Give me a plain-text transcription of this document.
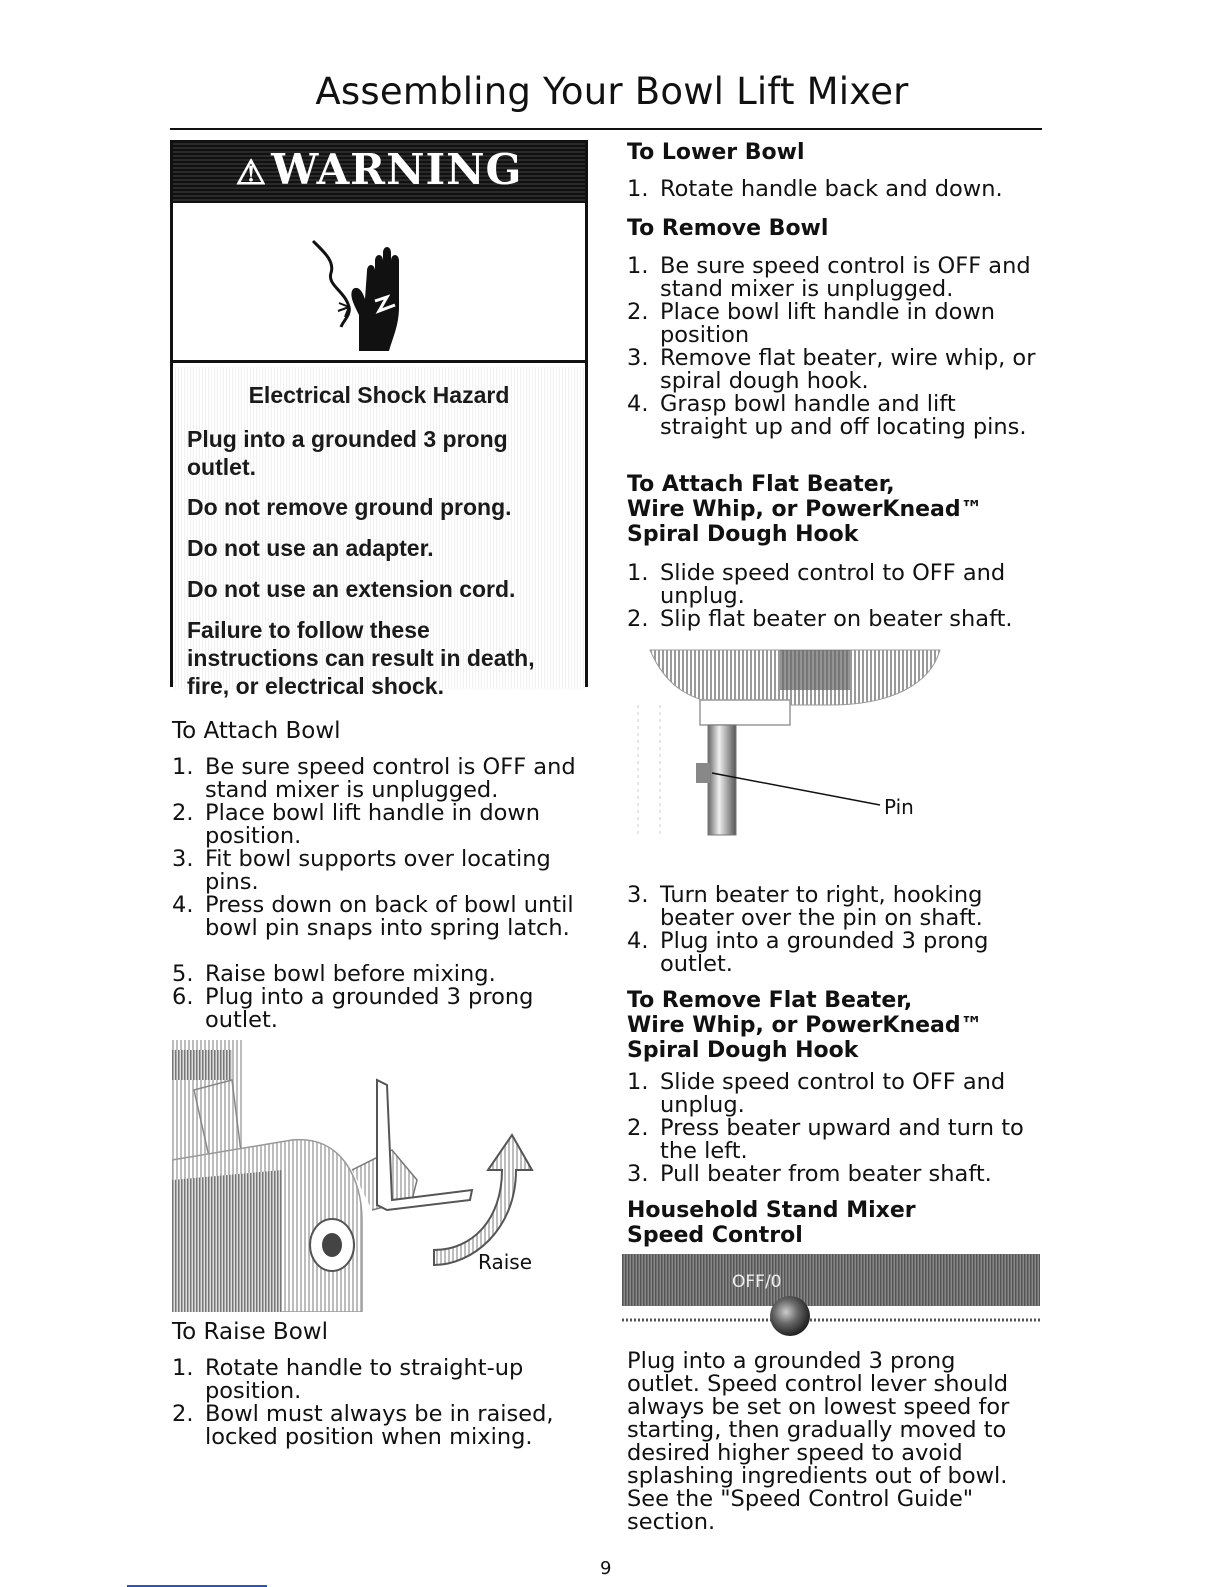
Assembling Your Bowl Lift Mixer
⚠WARNING
Electrical Shock Hazard
Plug into a grounded 3 prong outlet.
Do not remove ground prong.
Do not use an adapter.
Do not use an extension cord.
Failure to follow these instructions can result in death, fire, or electrical shock.
To Attach Bowl
1. Be sure speed control is OFF and stand mixer is unplugged.
2. Place bowl lift handle in down position.
3. Fit bowl supports over locating pins.
4. Press down on back of bowl until bowl pin snaps into spring latch.
5. Raise bowl before mixing.
6. Plug into a grounded 3 prong outlet.
Raise
To Raise Bowl
1. Rotate handle to straight-up position.
2. Bowl must always be in raised, locked position when mixing.
To Lower Bowl
1. Rotate handle back and down.
To Remove Bowl
1. Be sure speed control is OFF and stand mixer is unplugged.
2. Place bowl lift handle in down position
3. Remove flat beater, wire whip, or spiral dough hook.
4. Grasp bowl handle and lift straight up and off locating pins.
To Attach Flat Beater,
Wire Whip, or PowerKnead™
Spiral Dough Hook
1. Slide speed control to OFF and unplug.
2. Slip flat beater on beater shaft.
Pin
3. Turn beater to right, hooking beater over the pin on shaft.
4. Plug into a grounded 3 prong outlet.
To Remove Flat Beater,
Wire Whip, or PowerKnead™
Spiral Dough Hook
1. Slide speed control to OFF and unplug.
2. Press beater upward and turn to the left.
3. Pull beater from beater shaft.
Household Stand Mixer
Speed Control
OFF/0
Plug into a grounded 3 prong outlet. Speed control lever should always be set on lowest speed for starting, then gradually moved to desired higher speed to avoid splashing ingredients out of bowl. See the "Speed Control Guide" section.
9
